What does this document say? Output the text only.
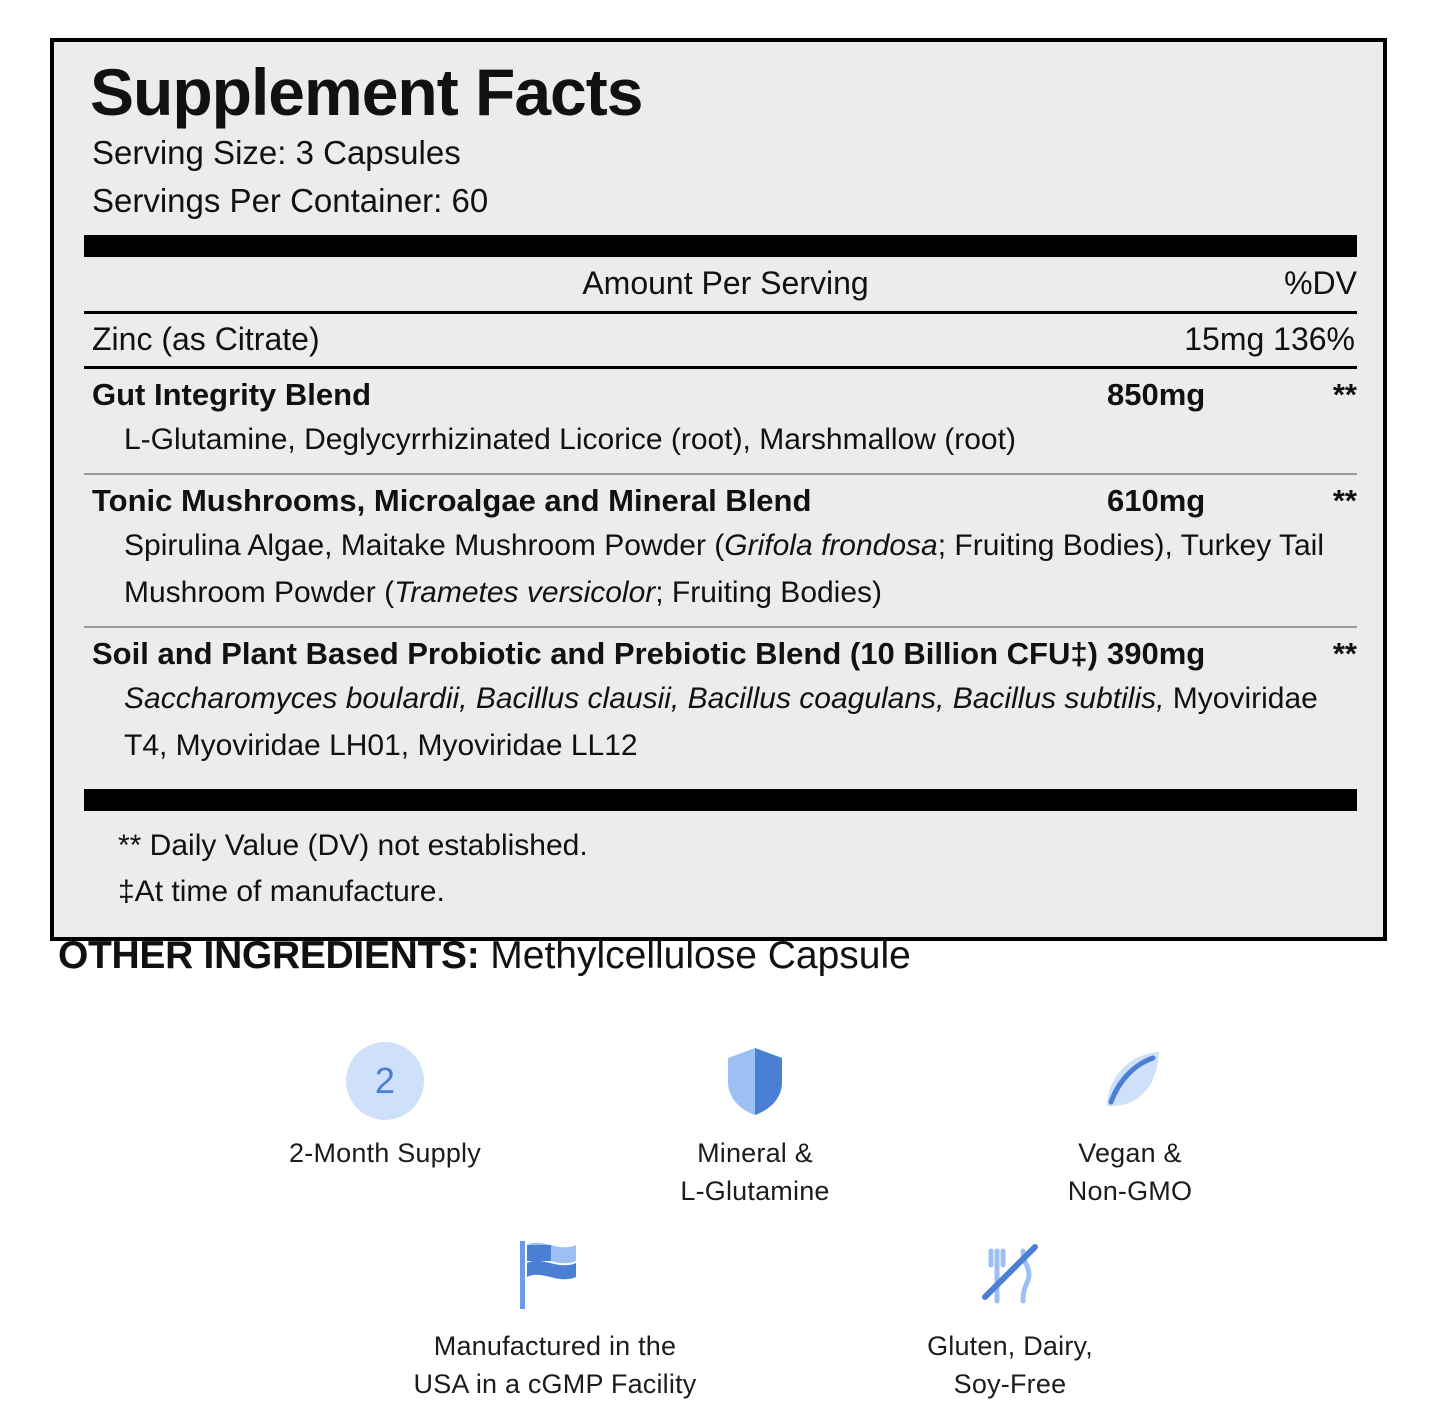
Supplement Facts
Serving Size: 3 Capsules
Servings Per Container: 60
Amount Per Serving	%DV
Zinc (as Citrate)	15mg 136%
Gut Integrity Blend	850mg	**
L-Glutamine, Deglycyrrhizinated Licorice (root), Marshmallow (root)
Tonic Mushrooms, Microalgae and Mineral Blend	610mg	**
Spirulina Algae, Maitake Mushroom Powder (Grifola frondosa; Fruiting Bodies), Turkey Tail Mushroom Powder (Trametes versicolor; Fruiting Bodies)
Soil and Plant Based Probiotic and Prebiotic Blend (10 Billion CFU‡) 390mg	**
Saccharomyces boulardii, Bacillus clausii, Bacillus coagulans, Bacillus subtilis, Myoviridae T4, Myoviridae LH01, Myoviridae LL12
** Daily Value (DV) not established.
‡At time of manufacture.
OTHER INGREDIENTS: Methylcellulose Capsule
2
2-Month Supply	Mineral &
L-Glutamine
Vegan &
Non-GMO
Manufactured in the
USA in a cGMP Facility
Gluten, Dairy,
Soy-Free
